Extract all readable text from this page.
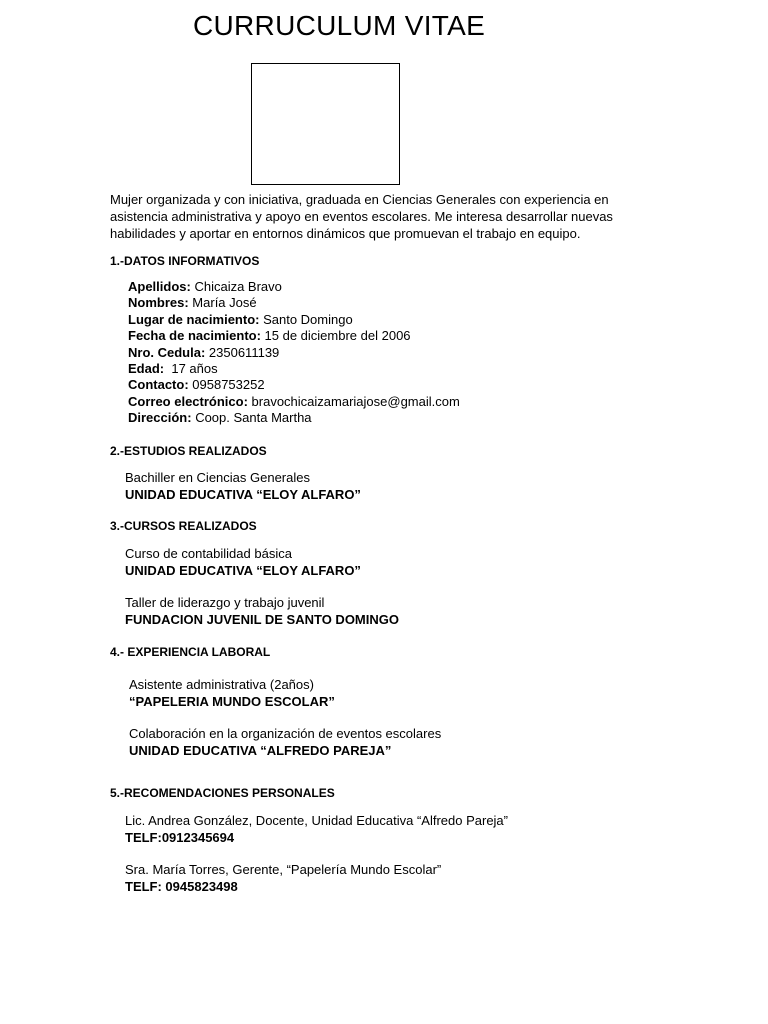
CURRUCULUM VITAE
Mujer organizada y con iniciativa, graduada en Ciencias Generales con experiencia en asistencia administrativa y apoyo en eventos escolares. Me interesa desarrollar nuevas habilidades y aportar en entornos dinámicos que promuevan el trabajo en equipo.
1.-DATOS INFORMATIVOS
Apellidos: Chicaiza Bravo
Nombres: María José
Lugar de nacimiento: Santo Domingo
Fecha de nacimiento: 15 de diciembre del 2006
Nro. Cedula: 2350611139
Edad:  17 años
Contacto: 0958753252
Correo electrónico: bravochicaizamariajose@gmail.com
Dirección: Coop. Santa Martha
2.-ESTUDIOS REALIZADOS
Bachiller en Ciencias Generales
UNIDAD EDUCATIVA “ELOY ALFARO”
3.-CURSOS REALIZADOS
Curso de contabilidad básica
UNIDAD EDUCATIVA “ELOY ALFARO”
Taller de liderazgo y trabajo juvenil
FUNDACION JUVENIL DE SANTO DOMINGO
4.- EXPERIENCIA LABORAL
Asistente administrativa (2años)
“PAPELERIA MUNDO ESCOLAR”
Colaboración en la organización de eventos escolares
UNIDAD EDUCATIVA “ALFREDO PAREJA”
5.-RECOMENDACIONES PERSONALES
Lic. Andrea González, Docente, Unidad Educativa “Alfredo Pareja”
TELF:0912345694
Sra. María Torres, Gerente, “Papelería Mundo Escolar”
TELF: 0945823498
